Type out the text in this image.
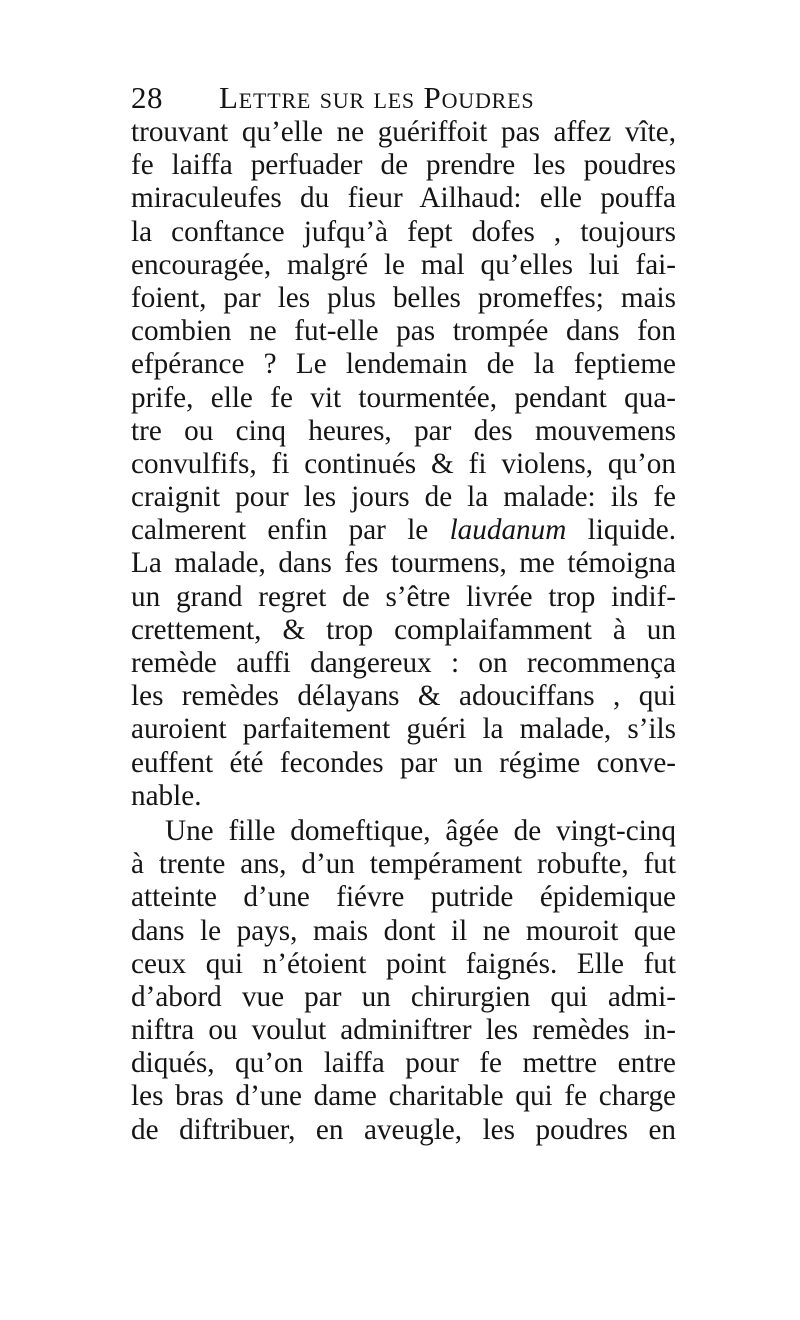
28 Lettre sur les Poudres
trouvant qu’elle ne guériffoit pas affez vîte,
fe laiffa perfuader de prendre les poudres
miraculeufes du fieur Ailhaud: elle pouffa
la conftance jufqu’à fept dofes , toujours
encouragée, malgré le mal qu’elles lui fai-
foient, par les plus belles promeffes; mais
combien ne fut-elle pas trompée dans fon
efpérance ? Le lendemain de la feptieme
prife, elle fe vit tourmentée, pendant qua-
tre ou cinq heures, par des mouvemens
convulfifs, fi continués & fi violens, qu’on
craignit pour les jours de la malade: ils fe
calmerent enfin par le laudanum liquide.
La malade, dans fes tourmens, me témoigna
un grand regret de s’être livrée trop indif-
crettement, & trop complaifamment à un
remède auffi dangereux : on recommença
les remèdes délayans & adouciffans , qui
auroient parfaitement guéri la malade, s’ils
euffent été fecondes par un régime conve-
nable.
Une fille domeftique, âgée de vingt-cinq
à trente ans, d’un tempérament robufte, fut
atteinte d’une fiévre putride épidemique
dans le pays, mais dont il ne mouroit que
ceux qui n’étoient point faignés. Elle fut
d’abord vue par un chirurgien qui admi-
niftra ou voulut adminiftrer les remèdes in-
diqués, qu’on laiffa pour fe mettre entre
les bras d’une dame charitable qui fe charge
de diftribuer, en aveugle, les poudres en
